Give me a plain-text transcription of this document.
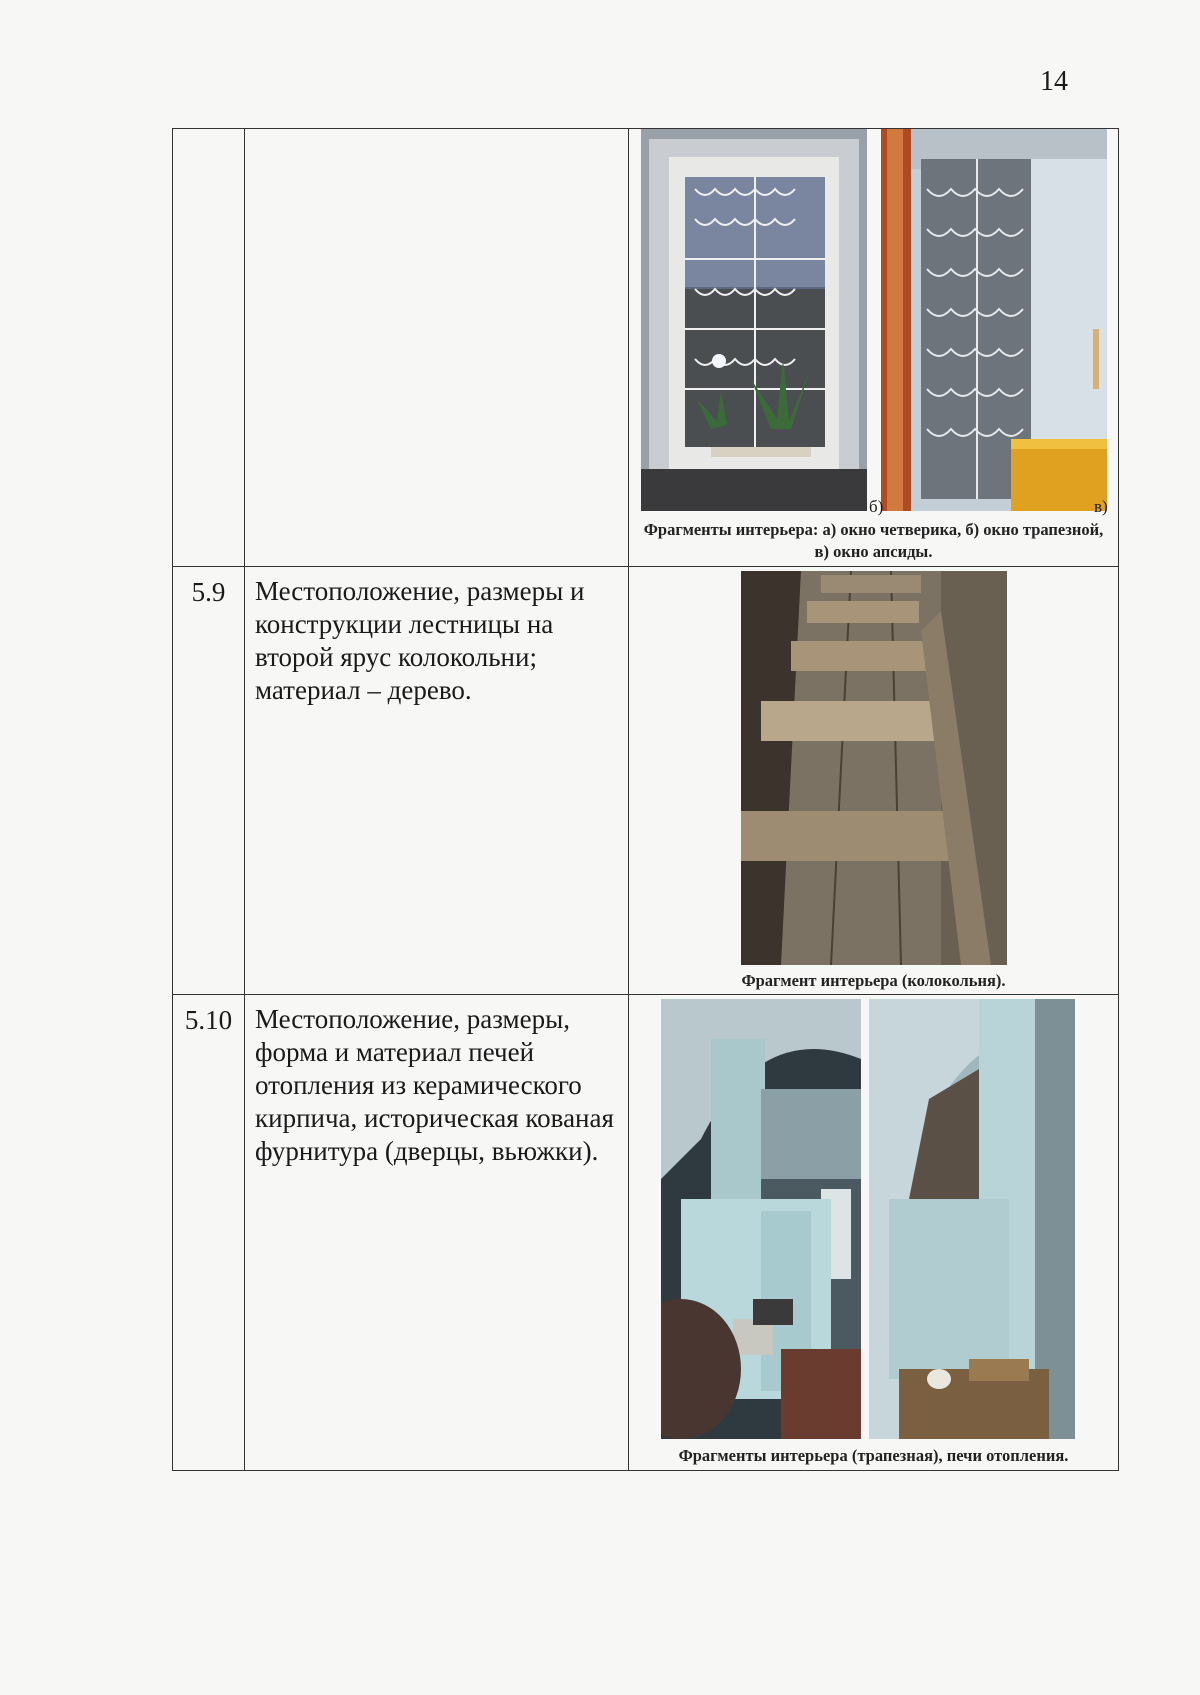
14

		б) в)
Фрагменты интерьера: а) окно четверика, б) окно трапезной, в) окно апсиды.

5.9	Местоположение, размеры и конструкции лестницы на второй ярус колокольни; материал – дерево.	Фрагмент интерьера (колокольня).

5.10	Местоположение, размеры, форма и материал печей отопления из керамического кирпича, историческая кованая фурнитура (дверцы, вьюжки).	Фрагменты интерьера (трапезная), печи отопления.
